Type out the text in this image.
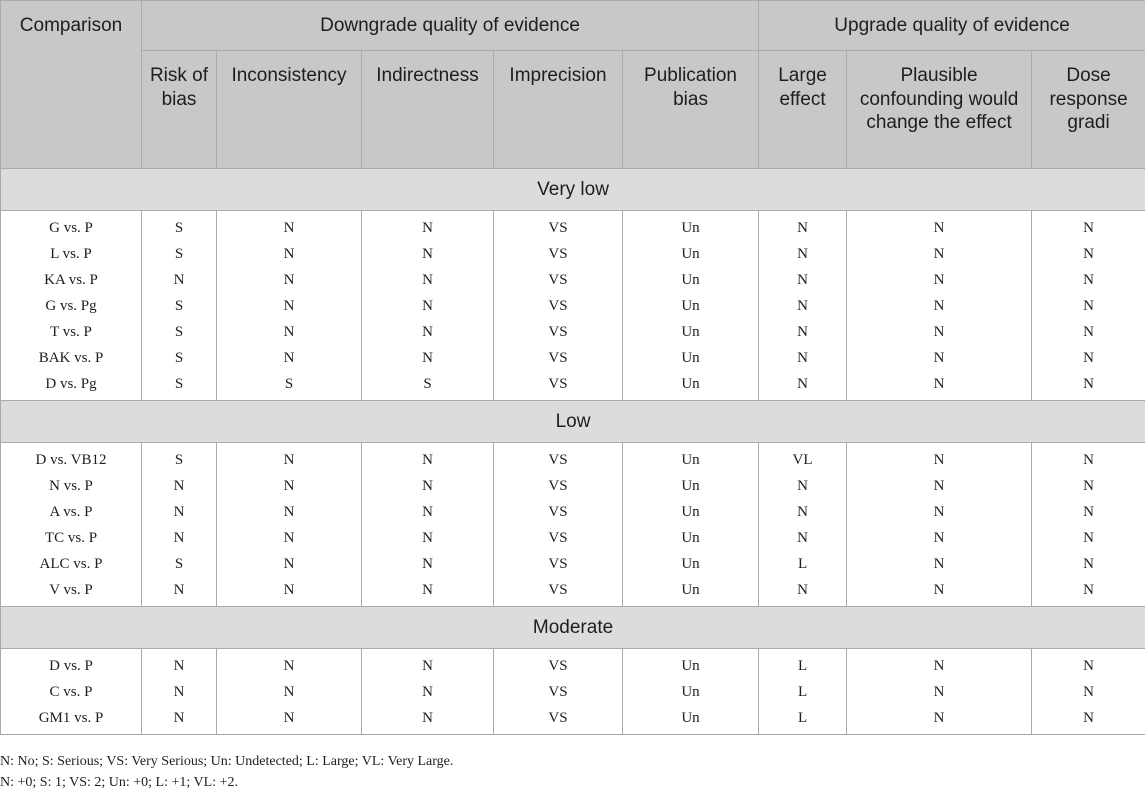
Comparison	Downgrade quality of evidence					Upgrade quality of evidence		
	Risk of bias	Inconsistency	Indirectness	Imprecision	Publication bias	Large effect	Plausible confounding would change the effect	Dose response gradi
Very low								
G vs. P	S	N	N	VS	Un	N	N	N
L vs. P	S	N	N	VS	Un	N	N	N
KA vs. P	N	N	N	VS	Un	N	N	N
G vs. Pg	S	N	N	VS	Un	N	N	N
T vs. P	S	N	N	VS	Un	N	N	N
BAK vs. P	S	N	N	VS	Un	N	N	N
D vs. Pg	S	S	S	VS	Un	N	N	N
Low								
D vs. VB12	S	N	N	VS	Un	VL	N	N
N vs. P	N	N	N	VS	Un	N	N	N
A vs. P	N	N	N	VS	Un	N	N	N
TC vs. P	N	N	N	VS	Un	N	N	N
ALC vs. P	S	N	N	VS	Un	L	N	N
V vs. P	N	N	N	VS	Un	N	N	N
Moderate								
D vs. P	N	N	N	VS	Un	L	N	N
C vs. P	N	N	N	VS	Un	L	N	N
GM1 vs. P	N	N	N	VS	Un	L	N	N
N: No; S: Serious; VS: Very Serious; Un: Undetected; L: Large; VL: Very Large.
N: +0; S: 1; VS: 2; Un: +0; L: +1; VL: +2.
